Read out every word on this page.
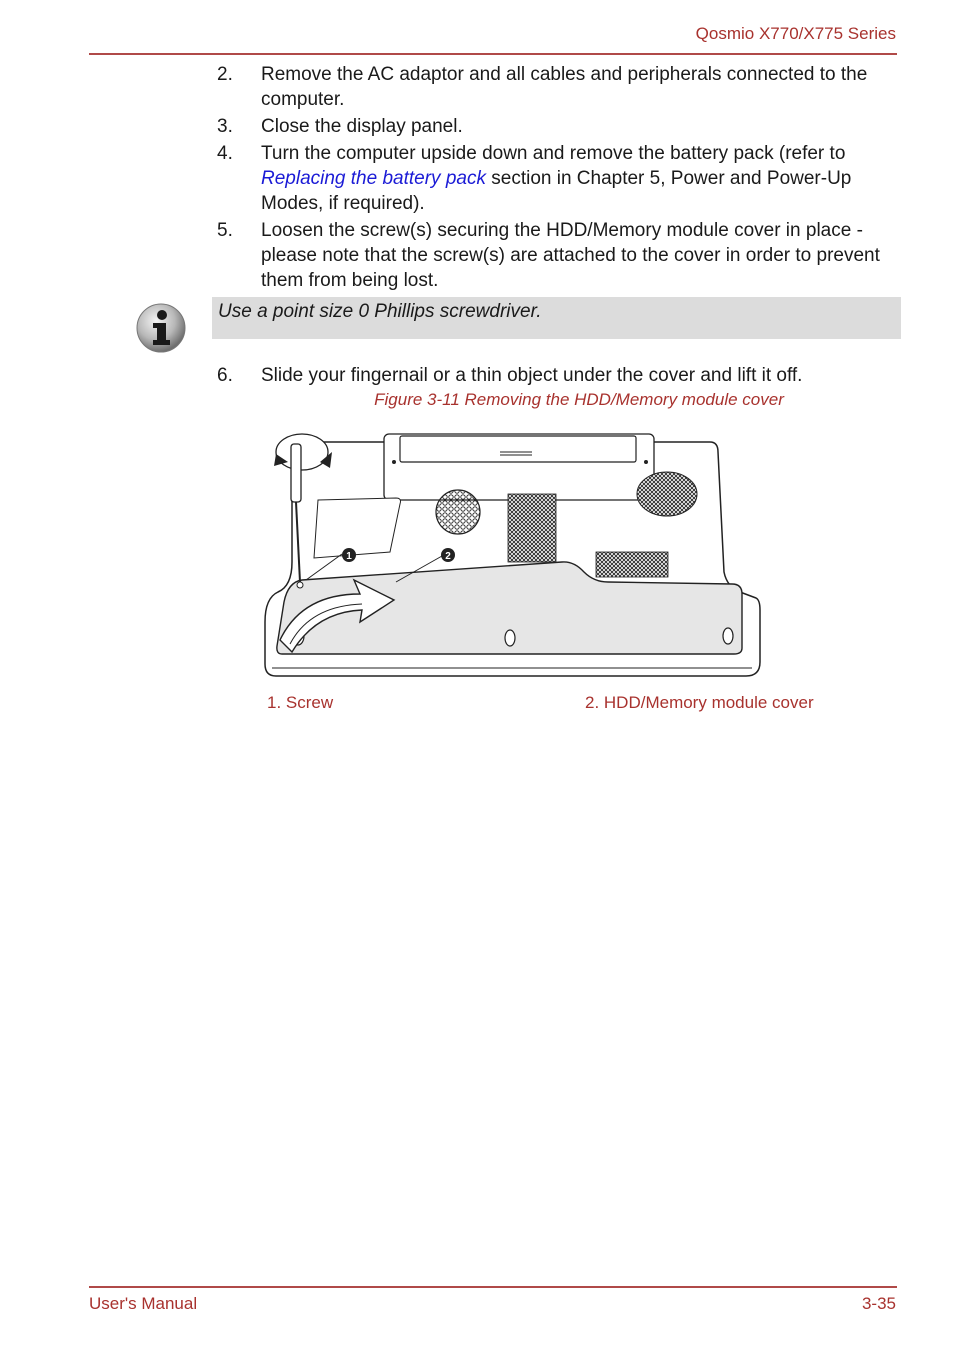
Qosmio X770/X775 Series
2.	Remove the AC adaptor and all cables and peripherals connected to the computer.
3.	Close the display panel.
4.	Turn the computer upside down and remove the battery pack (refer to Replacing the battery pack section in Chapter 5, Power and Power-Up Modes, if required).
5.	Loosen the screw(s) securing the HDD/Memory module cover in place - please note that the screw(s) are attached to the cover in order to prevent them from being lost.
Use a point size 0 Phillips screwdriver.
6.	Slide your fingernail or a thin object under the cover and lift it off.
Figure 3-11 Removing the HDD/Memory module cover
1	2
1. Screw	2. HDD/Memory module cover
User's Manual	3-35
